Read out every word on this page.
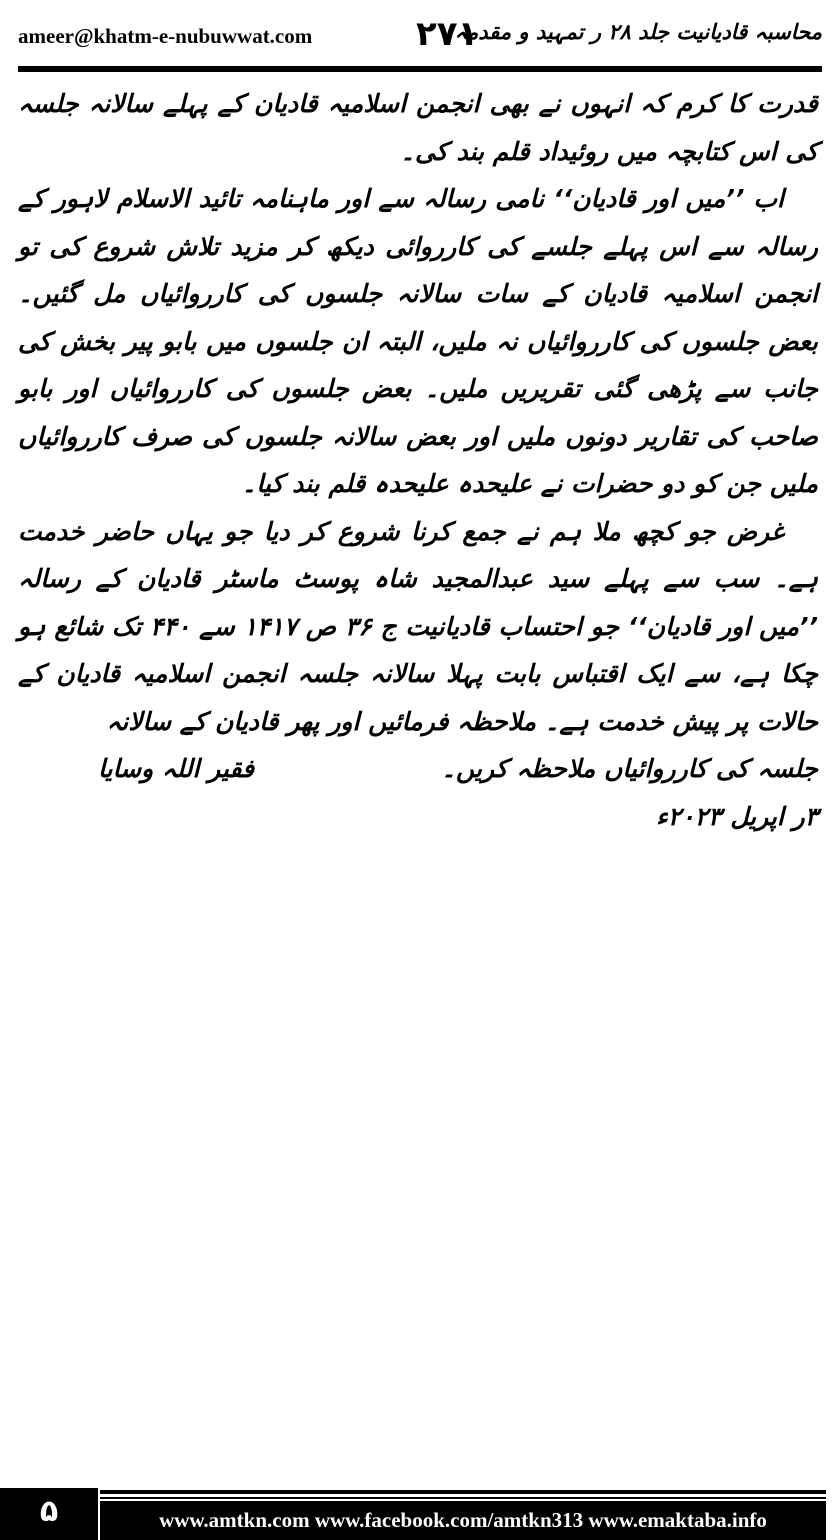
ameer@khatm-e-nubuwwat.com	۲۷۱
محاسبہ قادیانیت جلد ۲۸ ر تمہید و مقدمہ

قدرت کا کرم کہ انہوں نے بھی انجمن اسلامیہ قادیان کے پہلے سالانہ جلسہ کی اس کتابچہ میں روئیداد قلم بند کی۔

اب ’’میں اور قادیان‘‘ نامی رسالہ سے اور ماہنامہ تائید الاسلام لاہور کے رسالہ سے اس پہلے جلسے کی کارروائی دیکھ کر مزید تلاش شروع کی تو انجمن اسلامیہ قادیان کے سات سالانہ جلسوں کی کارروائیاں مل گئیں۔ بعض جلسوں کی کارروائیاں نہ ملیں، البتہ ان جلسوں میں بابو پیر بخش کی جانب سے پڑھی گئی تقریریں ملیں۔ بعض جلسوں کی کارروائیاں اور بابو صاحب کی تقاریر دونوں ملیں اور بعض سالانہ جلسوں کی صرف کارروائیاں ملیں جن کو دو حضرات نے علیحدہ علیحدہ قلم بند کیا۔

غرض جو کچھ ملا ہم نے جمع کرنا شروع کر دیا جو یہاں حاضر خدمت ہے۔ سب سے پہلے سید عبدالمجید شاہ پوسٹ ماسٹر قادیان کے رسالہ ’’میں اور قادیان‘‘ جو احتساب قادیانیت ج ۳۶ ص ۱۴۱۷ سے ۴۴۰ تک شائع ہو چکا ہے، سے ایک اقتباس بابت پہلا سالانہ جلسہ انجمن اسلامیہ قادیان کے حالات پر پیش خدمت ہے۔ ملاحظہ فرمائیں اور پھر قادیان کے سالانہ

جلسہ کی کارروائیاں ملاحظہ کریں۔
فقیر اللہ وسایا

۳ر اپریل ۲۰۲۳ء

۵	www.amtkn.com www.facebook.com/amtkn313 www.emaktaba.info
